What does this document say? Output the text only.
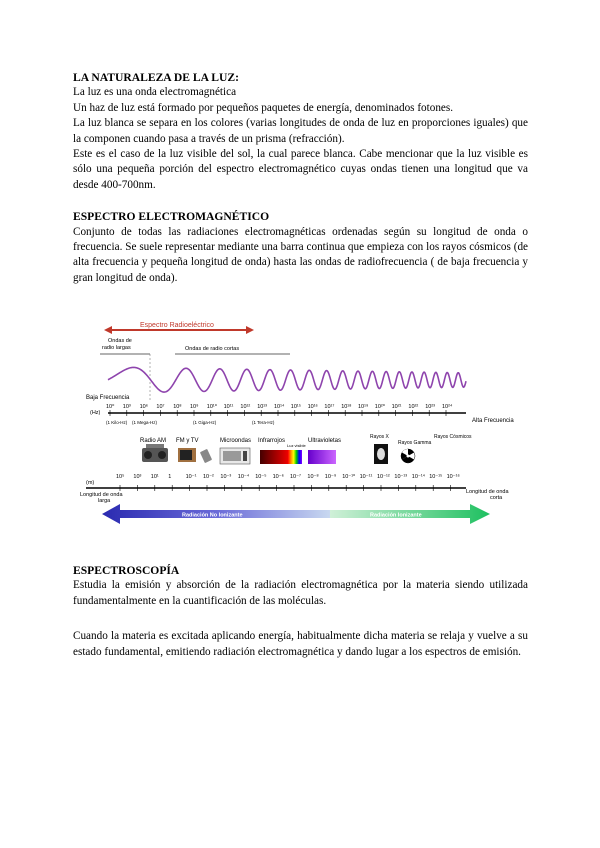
LA NATURALEZA DE LA LUZ:

La luz es una onda electromagnética

Un haz de luz está formado por pequeños paquetes de energía, denominados fotones.

La luz blanca se separa en los colores (varias longitudes de onda de luz en proporciones iguales) que la componen cuando pasa a través de un prisma (refracción).

Este es el caso de la luz visible del sol, la cual parece blanca. Cabe mencionar que la luz visible es sólo una pequeña porción del espectro electromagnético cuyas ondas tienen una longitud que va desde 400-700nm.

ESPECTRO ELECTROMAGNÉTICO

Conjunto de todas las radiaciones electromagnéticas ordenadas según su longitud de onda o frecuencia. Se suele representar mediante una barra continua que empieza con los rayos cósmicos (de alta frecuencia y pequeña longitud de onda) hasta las ondas de radiofrecuencia ( de baja frecuencia y gran longitud de onda).

Espectro Radioeléctrico
Ondas de radio largas	Ondas de radio cortas
Baja Frecuencia
Alta Frecuencia
(Hz)
10⁰ 10³ 10⁶ 10⁷ 10⁸ 10⁹ 10¹⁰ 10¹¹ 10¹² 10¹³ 10¹⁴ 10¹⁵ 10¹⁶ 10¹⁷ 10¹⁸ 10¹⁹ 10²⁰ 10²¹ 10²² 10²³ 10²⁴
(1 Kilo-Hz) (1 Mega-Hz)	(1 Giga-Hz)	(1 Tera-Hz)
Radio AM FM y TV	Microondas Infrarrojos
Luz visible
Ultravioletas
Rayos X
Rayos Gamma
Rayos Cósmicos
(m)
10⁵ 10³ 10¹ 1	10⁻¹ 10⁻² 10⁻³ 10⁻⁴ 10⁻⁵ 10⁻⁶ 10⁻⁷ 10⁻⁸ 10⁻⁹ 10⁻¹⁰ 10⁻¹¹ 10⁻¹² 10⁻¹³ 10⁻¹⁴ 10⁻¹⁵ 10⁻¹⁶
Longitud de onda larga
Longitud de onda corta
Radiación No Ionizante	Radiación Ionizante
ESPECTROSCOPÍA

Estudia la emisión y absorción de la radiación electromagnética por la materia siendo utilizada fundamentalmente en la cuantificación de las moléculas.

Cuando la materia es excitada aplicando energía, habitualmente dicha materia se relaja y vuelve a su estado fundamental, emitiendo radiación electromagnética y dando lugar a los espectros de emisión.
